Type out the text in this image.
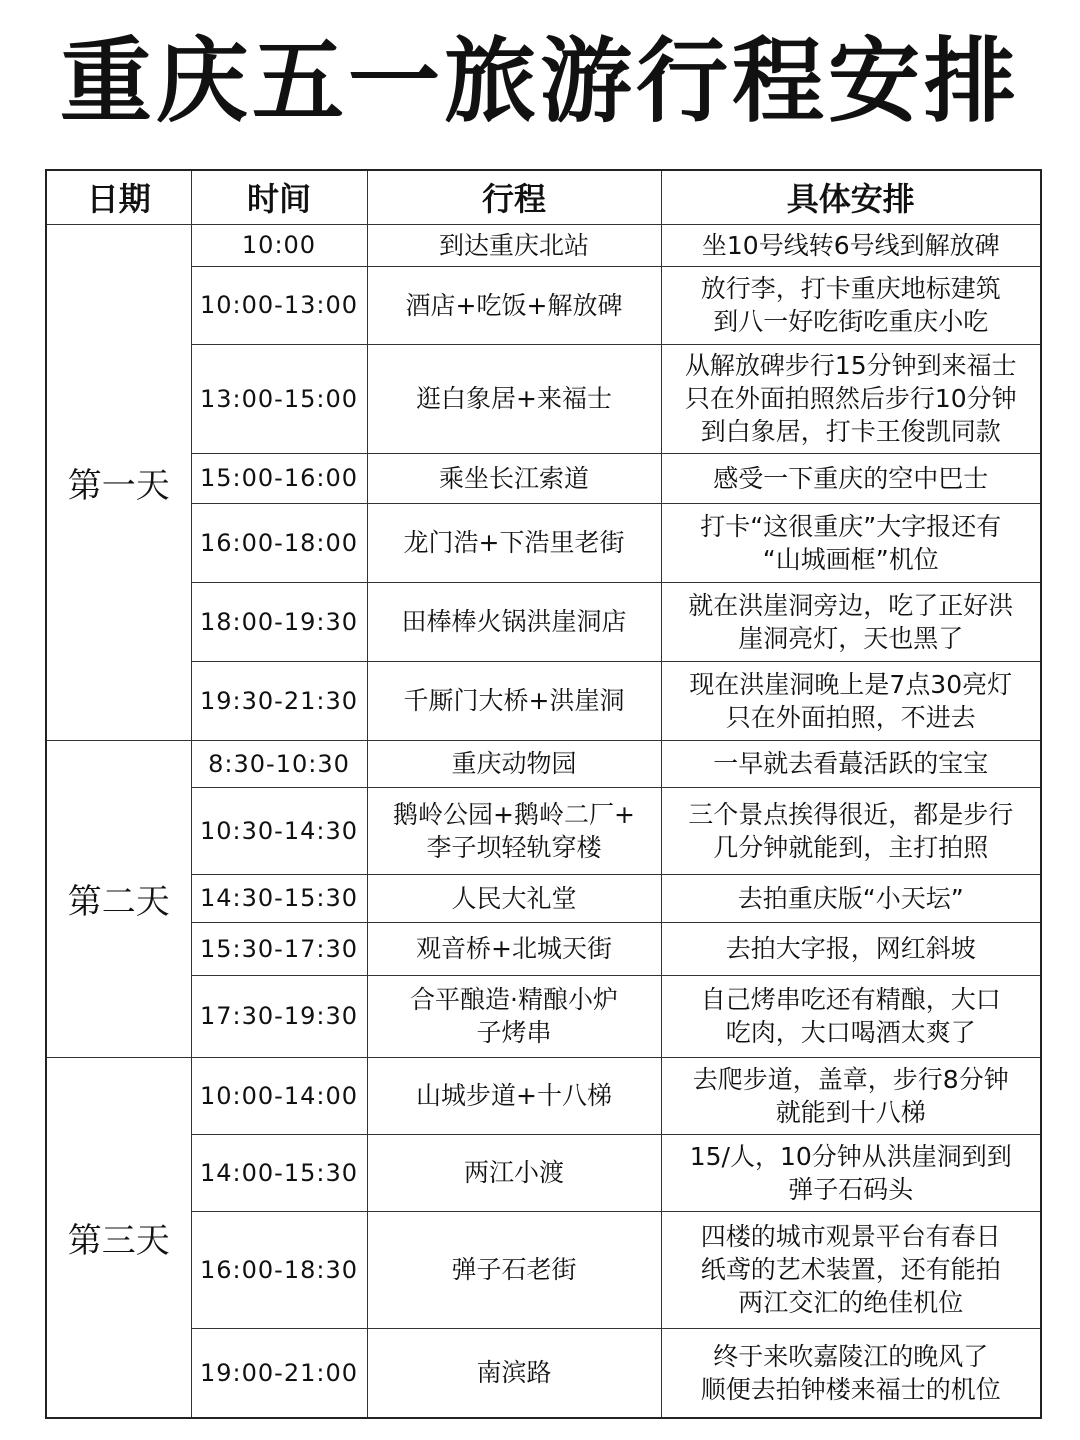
重庆五一旅游行程安排
日期	时间	行程	具体安排
第一天	10:00	到达重庆北站	坐10号线转6号线到解放碑
	10:00-13:00	酒店+吃饭+解放碑	放行李，打卡重庆地标建筑
到八一好吃街吃重庆小吃
	13:00-15:00	逛白象居+来福士	从解放碑步行15分钟到来福士
只在外面拍照然后步行10分钟
到白象居，打卡王俊凯同款
	15:00-16:00	乘坐长江索道	感受一下重庆的空中巴士
	16:00-18:00	龙门浩+下浩里老街	打卡“这很重庆”大字报还有
“山城画框”机位
	18:00-19:30	田棒棒火锅洪崖洞店	就在洪崖洞旁边，吃了正好洪
崖洞亮灯，天也黑了
	19:30-21:30	千厮门大桥+洪崖洞	现在洪崖洞晚上是7点30亮灯
只在外面拍照，不进去
第二天	8:30-10:30	重庆动物园	一早就去看蕞活跃的宝宝
	10:30-14:30	鹅岭公园+鹅岭二厂+
李子坝轻轨穿楼	三个景点挨得很近，都是步行
几分钟就能到，主打拍照
	14:30-15:30	人民大礼堂	去拍重庆版“小天坛”
	15:30-17:30	观音桥+北城天街	去拍大字报，网红斜坡
	17:30-19:30	合平酿造·精酿小炉
子烤串	自己烤串吃还有精酿，大口
吃肉，大口喝酒太爽了
第三天	10:00-14:00	山城步道+十八梯	去爬步道，盖章，步行8分钟
就能到十八梯
	14:00-15:30	两江小渡	15/人，10分钟从洪崖洞到到
弹子石码头
	16:00-18:30	弹子石老街	四楼的城市观景平台有春日
纸鸢的艺术装置，还有能拍
两江交汇的绝佳机位
	19:00-21:00	南滨路	终于来吹嘉陵江的晚风了
顺便去拍钟楼来福士的机位
